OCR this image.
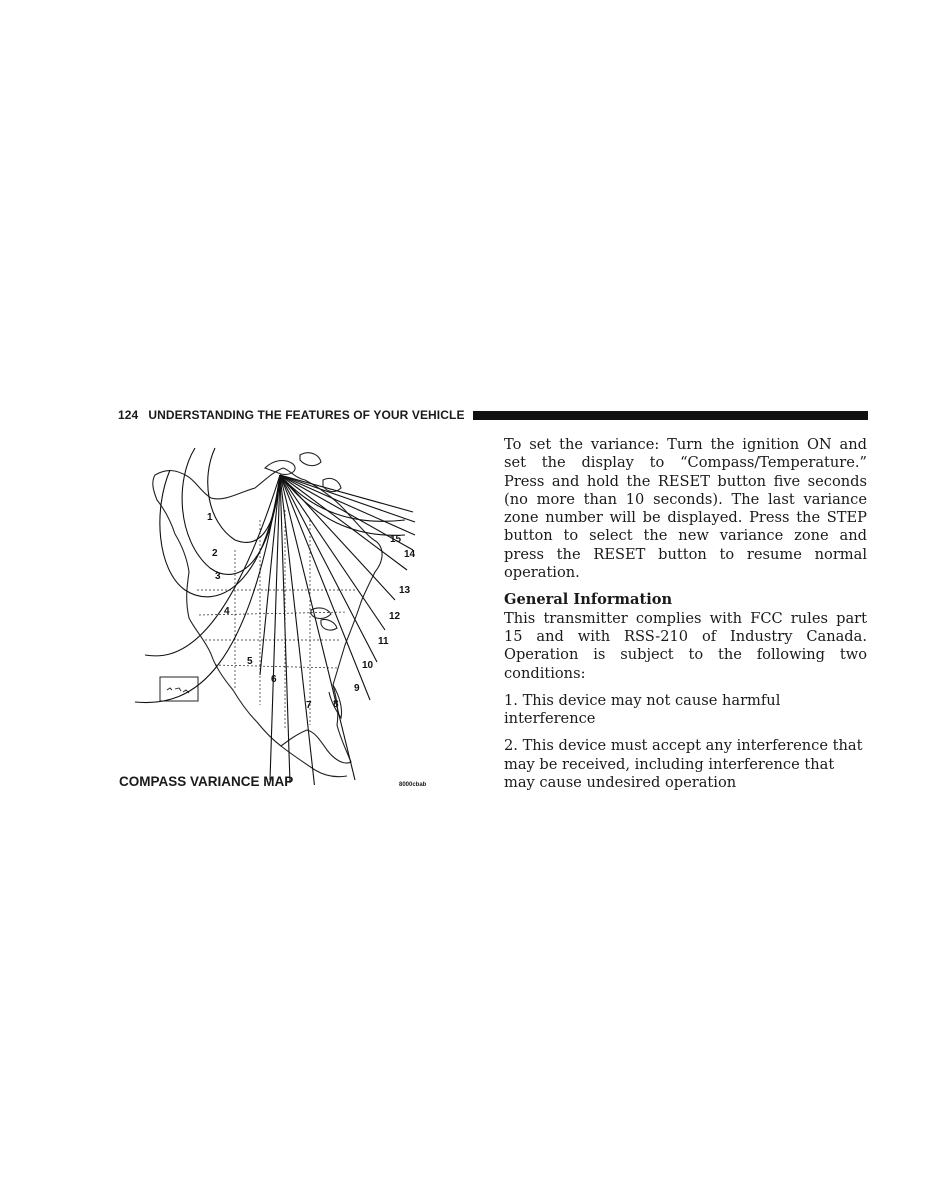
124 UNDERSTANDING THE FEATURES OF YOUR VEHICLE
1
2
3
4
5
6
7 8
9
10
11
12
13
14
15
COMPASS VARIANCE MAP	8000cbab

To set the variance: Turn the ignition ON and set the display to “Compass/Temperature.” Press and hold the RESET button five seconds (no more than 10 seconds). The last variance zone number will be displayed. Press the STEP button to select the new variance zone and press the RESET button to resume normal operation.

General Information

This transmitter complies with FCC rules part 15 and with RSS-210 of Industry Canada. Operation is subject to the following two conditions:

1. This device may not cause harmful interference

2. This device must accept any interference that may be received, including interference that may cause undesired operation
